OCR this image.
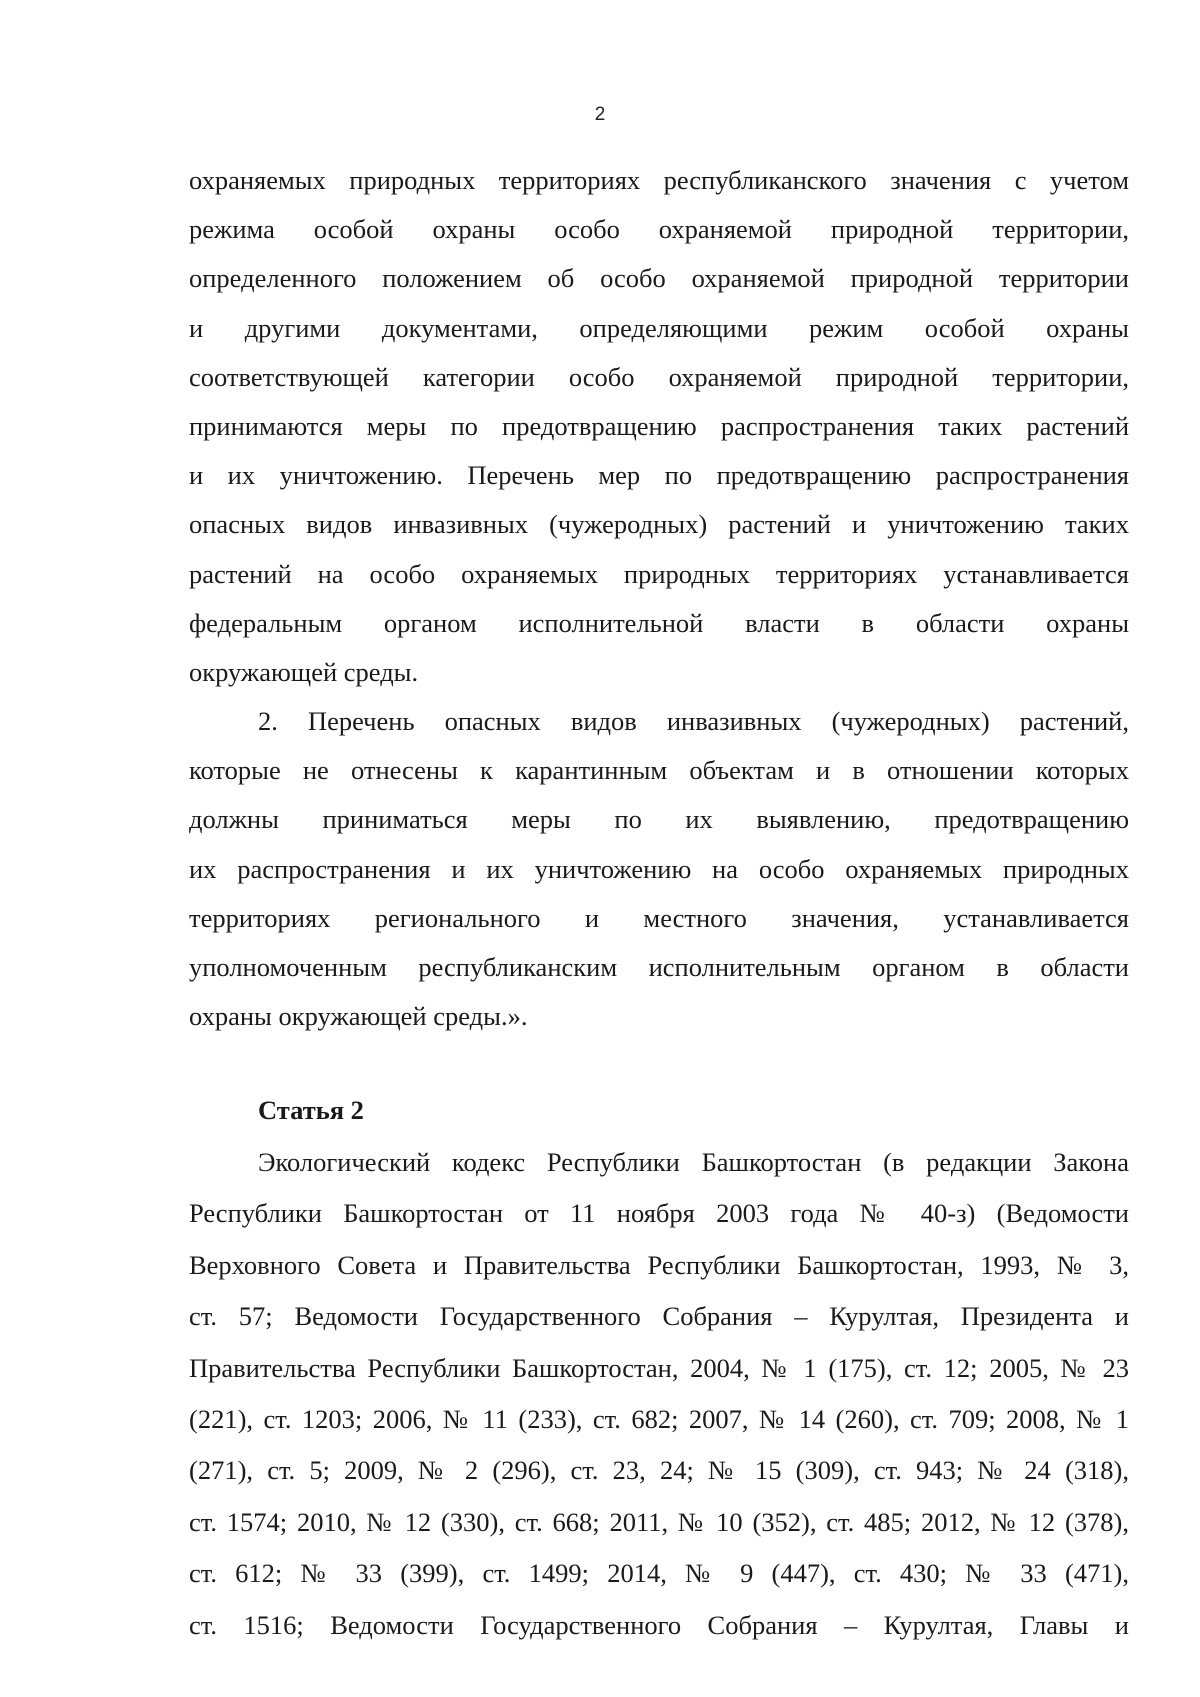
2
охраняемых природных территориях республиканского значения с учетом
режима особой охраны особо охраняемой природной территории,
определенного положением об особо охраняемой природной территории
и другими документами, определяющими режим особой охраны
соответствующей категории особо охраняемой природной территории,
принимаются меры по предотвращению распространения таких растений
и их уничтожению. Перечень мер по предотвращению распространения
опасных видов инвазивных (чужеродных) растений и уничтожению таких
растений на особо охраняемых природных территориях устанавливается
федеральным органом исполнительной власти в области охраны
окружающей среды.
2. Перечень опасных видов инвазивных (чужеродных) растений,
которые не отнесены к карантинным объектам и в отношении которых
должны приниматься меры по их выявлению, предотвращению
их распространения и их уничтожению на особо охраняемых природных
территориях регионального и местного значения, устанавливается
уполномоченным республиканским исполнительным органом в области
охраны окружающей среды.».
Статья 2
Экологический кодекс Республики Башкортостан (в редакции Закона
Республики Башкортостан от 11 ноября 2003 года № 40-з) (Ведомости
Верховного Совета и Правительства Республики Башкортостан, 1993, № 3,
ст. 57; Ведомости Государственного Собрания – Курултая, Президента и
Правительства Республики Башкортостан, 2004, № 1 (175), ст. 12; 2005, № 23
(221), ст. 1203; 2006, № 11 (233), ст. 682; 2007, № 14 (260), ст. 709; 2008, № 1
(271), ст. 5; 2009, № 2 (296), ст. 23, 24; № 15 (309), ст. 943; № 24 (318),
ст. 1574; 2010, № 12 (330), ст. 668; 2011, № 10 (352), ст. 485; 2012, № 12 (378),
ст. 612; № 33 (399), ст. 1499; 2014, № 9 (447), ст. 430; № 33 (471),
ст. 1516; Ведомости Государственного Собрания – Курултая, Главы и
